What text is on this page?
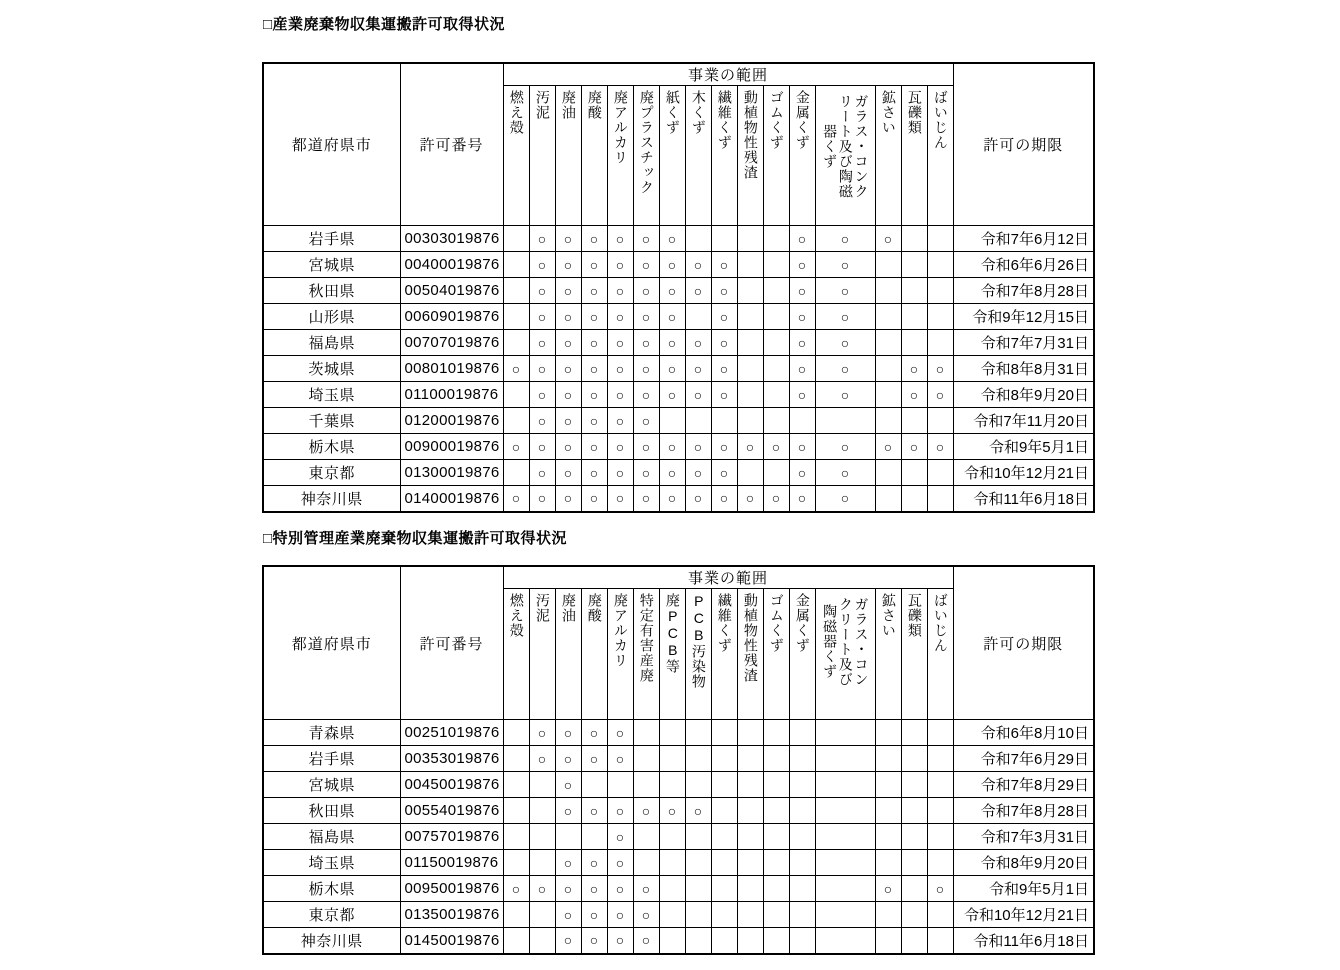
□産業廃棄物収集運搬許可取得状況
都道府県市	許可番号	事業の範囲																許可の期限
		燃え殻	汚泥	廃油	廃酸	廃アルカリ	廃プラスチック	紙くず	木くず	繊維くず	動植物性残渣	ゴムくず	金属くず	ガラス・コンクリート及び陶磁器くず	鉱さい	瓦礫類	ばいじん	
岩手県	00303019876		○	○	○	○	○	○					○	○	○			令和7年6月12日
宮城県	00400019876		○	○	○	○	○	○	○	○			○	○				令和6年6月26日
秋田県	00504019876		○	○	○	○	○	○	○	○			○	○				令和7年8月28日
山形県	00609019876		○	○	○	○	○	○		○			○	○				令和9年12月15日
福島県	00707019876		○	○	○	○	○	○	○	○			○	○				令和7年7月31日
茨城県	00801019876	○	○	○	○	○	○	○	○	○			○	○		○	○	令和8年8月31日
埼玉県	01100019876		○	○	○	○	○	○	○	○			○	○		○	○	令和8年9月20日
千葉県	01200019876		○	○	○	○	○											令和7年11月20日
栃木県	00900019876	○	○	○	○	○	○	○	○	○	○	○	○	○	○	○	○	令和9年5月1日
東京都	01300019876		○	○	○	○	○	○	○	○			○	○				令和10年12月21日
神奈川県	01400019876	○	○	○	○	○	○	○	○	○	○	○	○	○				令和11年6月18日
□特別管理産業廃棄物収集運搬許可取得状況
都道府県市	許可番号	事業の範囲																許可の期限
		燃え殻	汚泥	廃油	廃酸	廃アルカリ	特定有害産廃	廃PCB等	PCB汚染物	繊維くず	動植物性残渣	ゴムくず	金属くず	ガラス・コンクリート及び陶磁器くず	鉱さい	瓦礫類	ばいじん	
青森県	00251019876		○	○	○	○												令和6年8月10日
岩手県	00353019876		○	○	○	○												令和7年6月29日
宮城県	00450019876			○														令和7年8月29日
秋田県	00554019876			○	○	○	○	○	○									令和7年8月28日
福島県	00757019876					○												令和7年3月31日
埼玉県	01150019876			○	○	○												令和8年9月20日
栃木県	00950019876	○	○	○	○	○	○								○		○	令和9年5月1日
東京都	01350019876			○	○	○	○											令和10年12月21日
神奈川県	01450019876			○	○	○	○											令和11年6月18日
